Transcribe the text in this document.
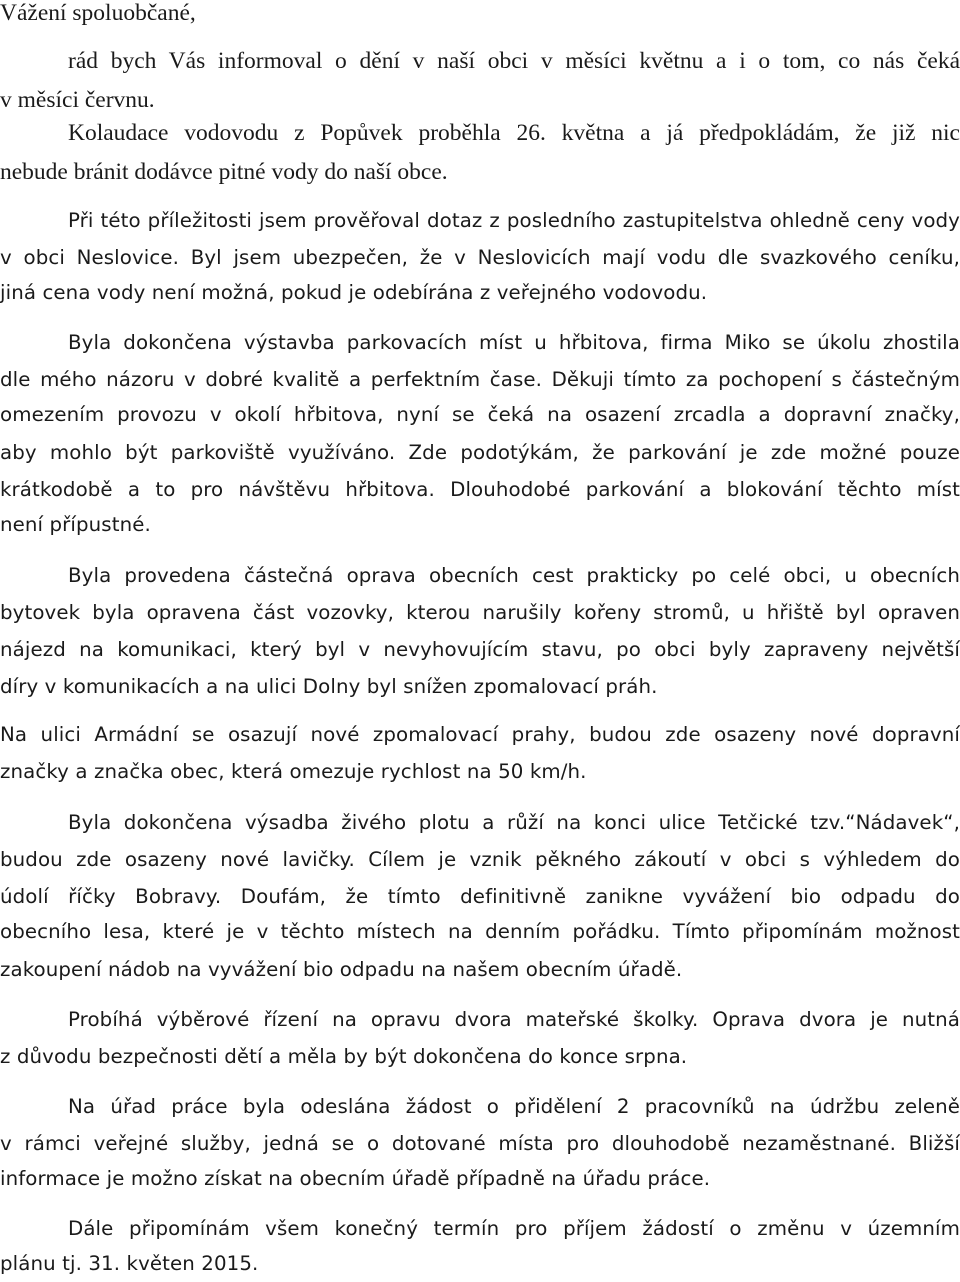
Vážení spoluobčané,
rád bych Vás informoval o dění v naší obci v měsíci květnu a i o tom, co nás čeká
v měsíci červnu.
Kolaudace vodovodu z Popůvek proběhla 26. května a já předpokládám, že již nic
nebude bránit dodávce pitné vody do naší obce.
Při této příležitosti jsem prověřoval dotaz z posledního zastupitelstva ohledně ceny vody
v obci Neslovice. Byl jsem ubezpečen, že v Neslovicích mají vodu dle svazkového ceníku,
jiná cena vody není možná, pokud je odebírána z veřejného vodovodu.
Byla dokončena výstavba parkovacích míst u hřbitova, firma Miko se úkolu zhostila
dle mého názoru v dobré kvalitě a perfektním čase. Děkuji tímto za pochopení s částečným
omezením provozu v okolí hřbitova, nyní se čeká na osazení zrcadla a dopravní značky,
aby mohlo být parkoviště využíváno. Zde podotýkám, že parkování je zde možné pouze
krátkodobě a to pro návštěvu hřbitova. Dlouhodobé parkování a blokování těchto míst
není přípustné.
Byla provedena částečná oprava obecních cest prakticky po celé obci, u obecních
bytovek byla opravena část vozovky, kterou narušily kořeny stromů, u hřiště byl opraven
nájezd na komunikaci, který byl v nevyhovujícím stavu, po obci byly zapraveny největší
díry v komunikacích a na ulici Dolny byl snížen zpomalovací práh.
Na ulici Armádní se osazují nové zpomalovací prahy, budou zde osazeny nové dopravní
značky a značka obec, která omezuje rychlost na 50 km/h.
Byla dokončena výsadba živého plotu a růží na konci ulice Tetčické tzv.“Nádavek“,
budou zde osazeny nové lavičky. Cílem je vznik pěkného zákoutí v obci s výhledem do
údolí říčky Bobravy. Doufám, že tímto definitivně zanikne vyvážení bio odpadu do
obecního lesa, které je v těchto místech na denním pořádku. Tímto připomínám možnost
zakoupení nádob na vyvážení bio odpadu na našem obecním úřadě.
Probíhá výběrové řízení na opravu dvora mateřské školky. Oprava dvora je nutná
z důvodu bezpečnosti dětí a měla by být dokončena do konce srpna.
Na úřad práce byla odeslána žádost o přidělení 2 pracovníků na údržbu zeleně
v rámci veřejné služby, jedná se o dotované místa pro dlouhodobě nezaměstnané. Bližší
informace je možno získat na obecním úřadě případně na úřadu práce.
Dále připomínám všem konečný termín pro příjem žádostí o změnu v územním
plánu tj. 31. květen 2015.
